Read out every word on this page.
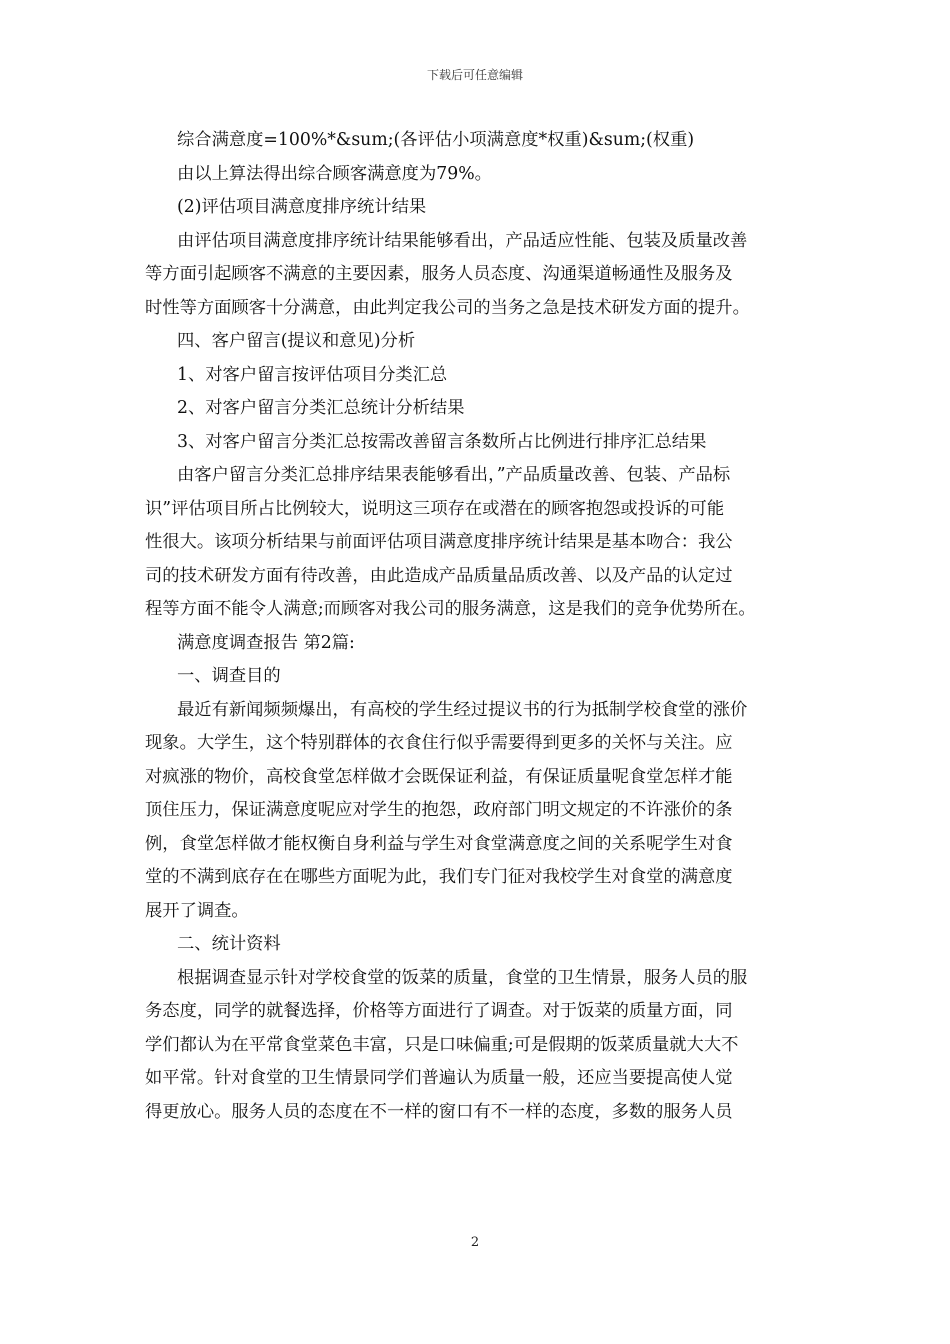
下载后可任意编辑
综合满意度=100%*&sum;(各评估小项满意度*权重)&sum;(权重)
由以上算法得出综合顾客满意度为79%。
(2)评估项目满意度排序统计结果
由评估项目满意度排序统计结果能够看出，产品适应性能、包装及质量改善
等方面引起顾客不满意的主要因素，服务人员态度、沟通渠道畅通性及服务及
时性等方面顾客十分满意，由此判定我公司的当务之急是技术研发方面的提升。
四、客户留言(提议和意见)分析
1、对客户留言按评估项目分类汇总
2、对客户留言分类汇总统计分析结果
3、对客户留言分类汇总按需改善留言条数所占比例进行排序汇总结果
由客户留言分类汇总排序结果表能够看出，”产品质量改善、包装、产品标
识”评估项目所占比例较大，说明这三项存在或潜在的顾客抱怨或投诉的可能
性很大。该项分析结果与前面评估项目满意度排序统计结果是基本吻合：我公
司的技术研发方面有待改善，由此造成产品质量品质改善、以及产品的认定过
程等方面不能令人满意;而顾客对我公司的服务满意，这是我们的竞争优势所在。
满意度调查报告 第2篇:
一、调查目的
最近有新闻频频爆出，有高校的学生经过提议书的行为抵制学校食堂的涨价
现象。大学生，这个特别群体的衣食住行似乎需要得到更多的关怀与关注。应
对疯涨的物价，高校食堂怎样做才会既保证利益，有保证质量呢食堂怎样才能
顶住压力，保证满意度呢应对学生的抱怨，政府部门明文规定的不许涨价的条
例，食堂怎样做才能权衡自身利益与学生对食堂满意度之间的关系呢学生对食
堂的不满到底存在在哪些方面呢为此，我们专门征对我校学生对食堂的满意度
展开了调查。
二、统计资料
根据调查显示针对学校食堂的饭菜的质量，食堂的卫生情景，服务人员的服
务态度，同学的就餐选择，价格等方面进行了调查。对于饭菜的质量方面，同
学们都认为在平常食堂菜色丰富，只是口味偏重;可是假期的饭菜质量就大大不
如平常。针对食堂的卫生情景同学们普遍认为质量一般，还应当要提高使人觉
得更放心。服务人员的态度在不一样的窗口有不一样的态度，多数的服务人员
2
